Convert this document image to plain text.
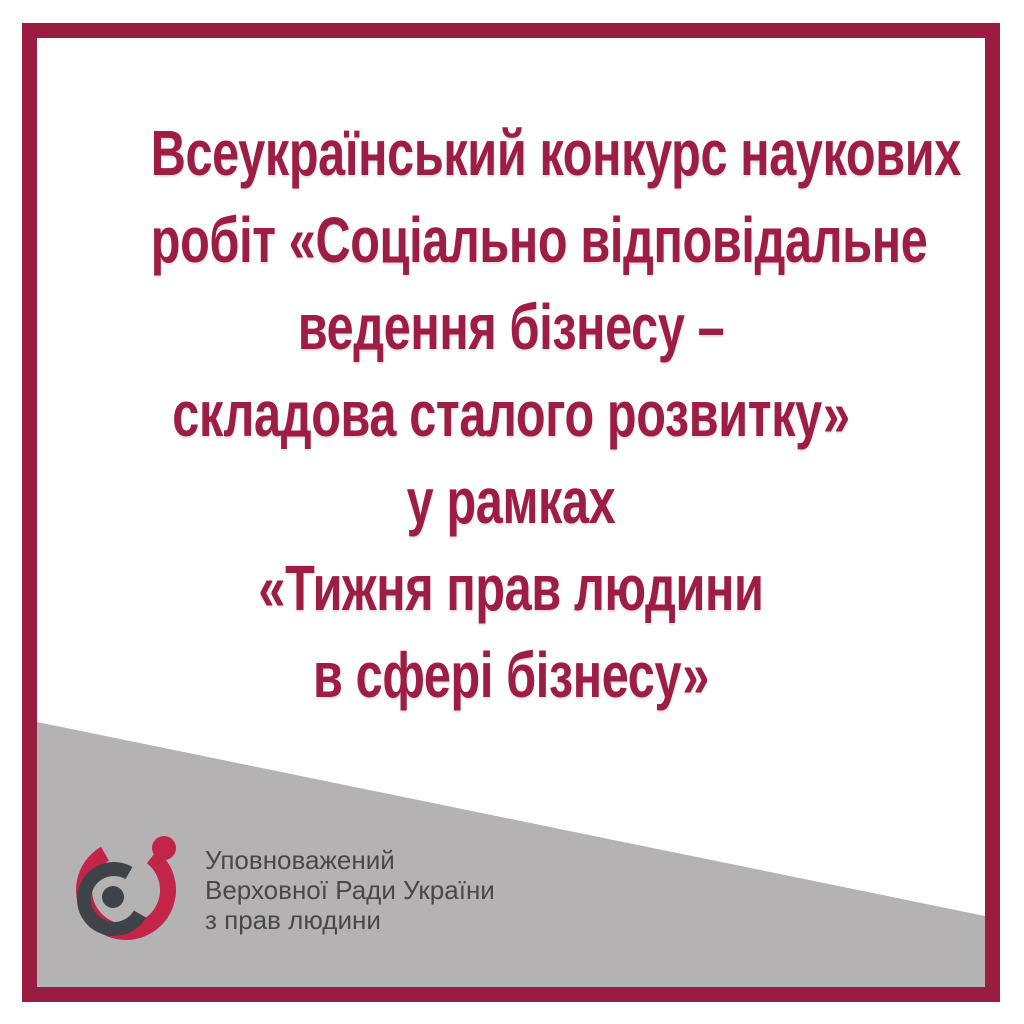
Всеукраїнський конкурс наукових
робіт «Соціально відповідальне
ведення бізнесу –
складова сталого розвитку»
у рамках
«Тижня прав людини
в сфері бізнесу»
Уповноважений
Верховної Ради України
з прав людини
